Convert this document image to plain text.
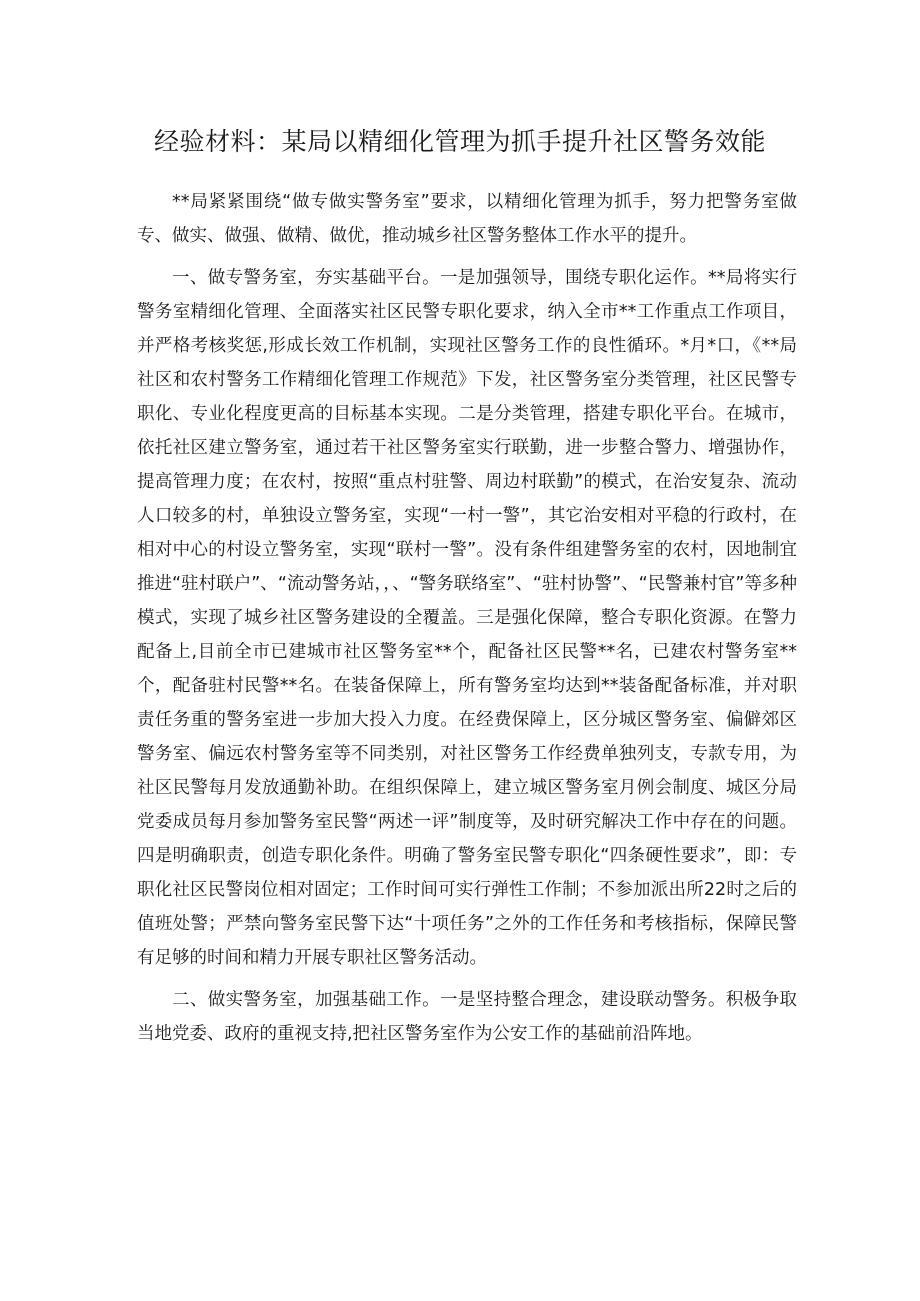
经验材料：某局以精细化管理为抓手提升社区警务效能

**局紧紧围绕“做专做实警务室”要求，以精细化管理为抓手，努力把警务室做专、做实、做强、做精、做优，推动城乡社区警务整体工作水平的提升。

一、做专警务室，夯实基础平台。一是加强领导，围绕专职化运作。**局将实行警务室精细化管理、全面落实社区民警专职化要求，纳入全市**工作重点工作项目，并严格考核奖惩,形成长效工作机制，实现社区警务工作的良性循环。*月*口，《**局社区和农村警务工作精细化管理工作规范》下发，社区警务室分类管理，社区民警专职化、专业化程度更高的目标基本实现。二是分类管理，搭建专职化平台。在城市，依托社区建立警务室，通过若干社区警务室实行联勤，进一步整合警力、增强协作，提高管理力度；在农村，按照“重点村驻警、周边村联勤”的模式，在治安复杂、流动人口较多的村，单独设立警务室，实现“一村一警”，其它治安相对平稳的行政村，在相对中心的村设立警务室，实现“联村一警”。没有条件组建警务室的农村，因地制宜推进“驻村联户”、“流动警务站，，、“警务联络室”、“驻村协警”、“民警兼村官”等多种模式，实现了城乡社区警务建设的全覆盖。三是强化保障，整合专职化资源。在警力配备上,目前全市已建城市社区警务室**个，配备社区民警**名，已建农村警务室**个，配备驻村民警**名。在装备保障上，所有警务室均达到**装备配备标准，并对职责任务重的警务室进一步加大投入力度。在经费保障上，区分城区警务室、偏僻郊区警务室、偏远农村警务室等不同类别，对社区警务工作经费单独列支，专款专用，为社区民警每月发放通勤补助。在组织保障上，建立城区警务室月例会制度、城区分局党委成员每月参加警务室民警“两述一评”制度等，及时研究解决工作中存在的问题。四是明确职责，创造专职化条件。明确了警务室民警专职化“四条硬性要求”，即：专职化社区民警岗位相对固定；工作时间可实行弹性工作制；不参加派出所22时之后的值班处警；严禁向警务室民警下达“十项任务”之外的工作任务和考核指标，保障民警有足够的时间和精力开展专职社区警务活动。

二、做实警务室，加强基础工作。一是坚持整合理念，建设联动警务。积极争取当地党委、政府的重视支持,把社区警务室作为公安工作的基础前沿阵地。
